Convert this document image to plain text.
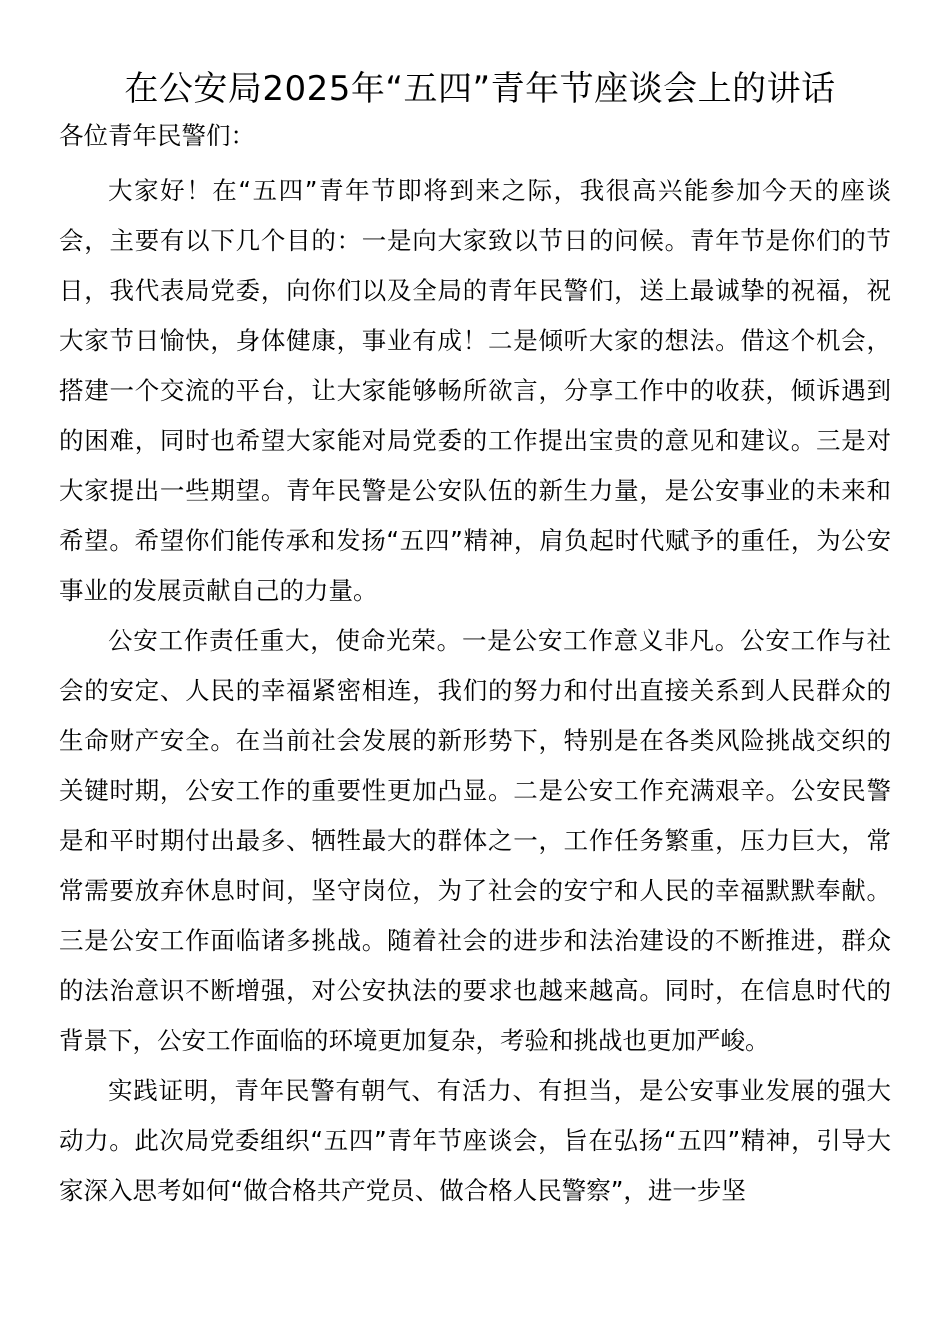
在公安局2025年“五四”青年节座谈会上的讲话

各位青年民警们：

大家好！在“五四”青年节即将到来之际，我很高兴能参加今天的座谈会，主要有以下几个目的：一是向大家致以节日的问候。青年节是你们的节日，我代表局党委，向你们以及全局的青年民警们，送上最诚挚的祝福，祝大家节日愉快，身体健康，事业有成！二是倾听大家的想法。借这个机会，搭建一个交流的平台，让大家能够畅所欲言，分享工作中的收获，倾诉遇到的困难，同时也希望大家能对局党委的工作提出宝贵的意见和建议。三是对大家提出一些期望。青年民警是公安队伍的新生力量，是公安事业的未来和希望。希望你们能传承和发扬“五四”精神，肩负起时代赋予的重任，为公安事业的发展贡献自己的力量。

公安工作责任重大，使命光荣。一是公安工作意义非凡。公安工作与社会的安定、人民的幸福紧密相连，我们的努力和付出直接关系到人民群众的生命财产安全。在当前社会发展的新形势下，特别是在各类风险挑战交织的关键时期，公安工作的重要性更加凸显。二是公安工作充满艰辛。公安民警是和平时期付出最多、牺牲最大的群体之一，工作任务繁重，压力巨大，常常需要放弃休息时间，坚守岗位，为了社会的安宁和人民的幸福默默奉献。三是公安工作面临诸多挑战。随着社会的进步和法治建设的不断推进，群众的法治意识不断增强，对公安执法的要求也越来越高。同时，在信息时代的背景下，公安工作面临的环境更加复杂，考验和挑战也更加严峻。

实践证明，青年民警有朝气、有活力、有担当，是公安事业发展的强大动力。此次局党委组织“五四”青年节座谈会，旨在弘扬“五四”精神，引导大家深入思考如何“做合格共产党员、做合格人民警察”，进一步坚
